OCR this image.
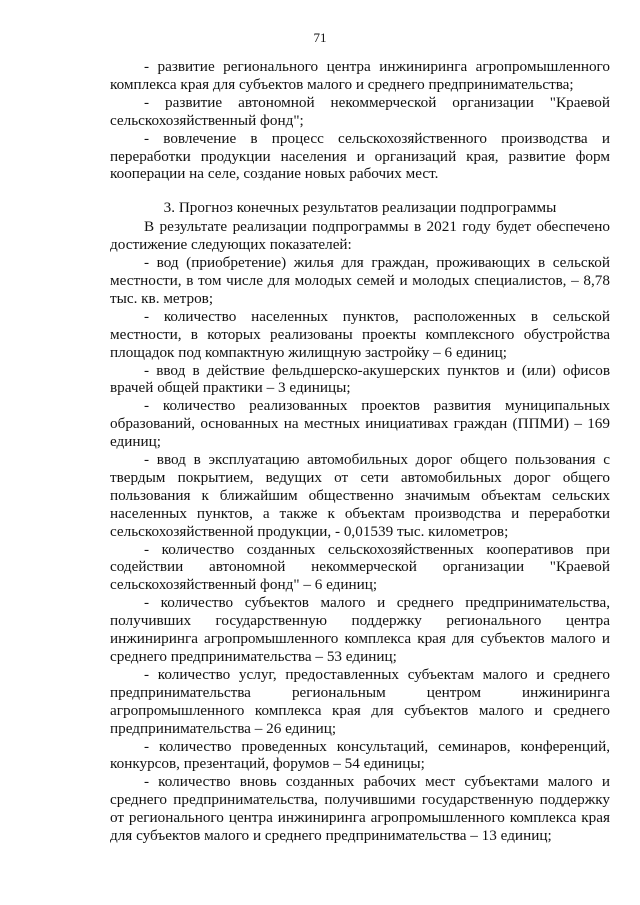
71

- развитие регионального центра инжиниринга агропромышленного комплекса края для субъектов малого и среднего предпринимательства;

- развитие автономной некоммерческой организации "Краевой сельскохозяйственный фонд";

- вовлечение в процесс сельскохозяйственного производства и переработки продукции населения и организаций края, развитие форм кооперации на селе, создание новых рабочих мест.

3. Прогноз конечных результатов реализации подпрограммы

В результате реализации подпрограммы в 2021 году будет обеспечено достижение следующих показателей:

- вод (приобретение) жилья для граждан, проживающих в сельской местности, в том числе для молодых семей и молодых специалистов, – 8,78 тыс. кв. метров;

- количество населенных пунктов, расположенных в сельской местности, в которых реализованы проекты комплексного обустройства площадок под компактную жилищную застройку – 6 единиц;

- ввод в действие фельдшерско-акушерских пунктов и (или) офисов врачей общей практики – 3 единицы;

- количество реализованных проектов развития муниципальных образований, основанных на местных инициативах граждан (ППМИ) – 169 единиц;

- ввод в эксплуатацию автомобильных дорог общего пользования с твердым покрытием, ведущих от сети автомобильных дорог общего пользования к ближайшим общественно значимым объектам сельских населенных пунктов, а также к объектам производства и переработки сельскохозяйственной продукции, - 0,01539 тыс. километров;

- количество созданных сельскохозяйственных кооперативов при содействии автономной некоммерческой организации "Краевой сельскохозяйственный фонд" – 6 единиц;

- количество субъектов малого и среднего предпринимательства, получивших государственную поддержку регионального центра инжиниринга агропромышленного комплекса края для субъектов малого и среднего предпринимательства – 53 единиц;

- количество услуг, предоставленных субъектам малого и среднего предпринимательства региональным центром инжиниринга агропромышленного комплекса края для субъектов малого и среднего предпринимательства – 26 единиц;

- количество проведенных консультаций, семинаров, конференций, конкурсов, презентаций, форумов – 54 единицы;

- количество вновь созданных рабочих мест субъектами малого и среднего предпринимательства, получившими государственную поддержку от регионального центра инжиниринга агропромышленного комплекса края для субъектов малого и среднего предпринимательства – 13 единиц;
